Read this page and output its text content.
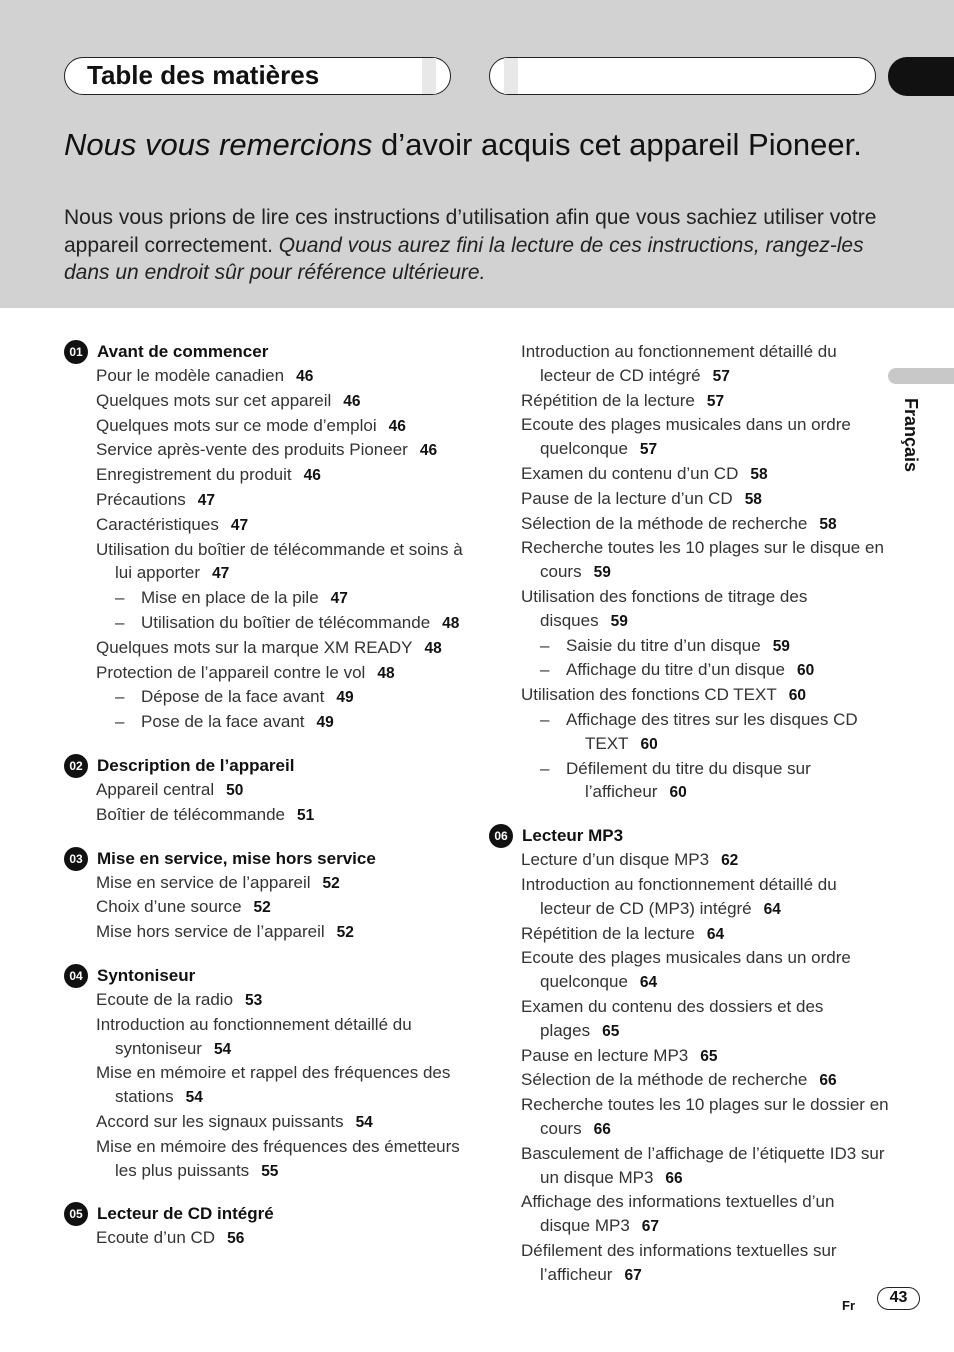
Table des matières
Nous vous remercions d’avoir acquis cet appareil Pioneer.
Nous vous prions de lire ces instructions d’utilisation afin que vous sachiez utiliser votre appareil correctement. Quand vous aurez fini la lecture de ces instructions, rangez-les dans un endroit sûr pour référence ultérieure.
01 Avant de commencer
Pour le modèle canadien 46
Quelques mots sur cet appareil 46
Quelques mots sur ce mode d’emploi 46
Service après-vente des produits Pioneer 46
Enregistrement du produit 46
Précautions 47
Caractéristiques 47
Utilisation du boîtier de télécommande et soins à lui apporter 47
– Mise en place de la pile 47
– Utilisation du boîtier de télécommande 48
Quelques mots sur la marque XM READY 48
Protection de l’appareil contre le vol 48
– Dépose de la face avant 49
– Pose de la face avant 49
02 Description de l’appareil
Appareil central 50
Boîtier de télécommande 51
03 Mise en service, mise hors service
Mise en service de l’appareil 52
Choix d’une source 52
Mise hors service de l’appareil 52
04 Syntoniseur
Ecoute de la radio 53
Introduction au fonctionnement détaillé du syntoniseur 54
Mise en mémoire et rappel des fréquences des stations 54
Accord sur les signaux puissants 54
Mise en mémoire des fréquences des émetteurs les plus puissants 55
05 Lecteur de CD intégré
Ecoute d’un CD 56
Introduction au fonctionnement détaillé du lecteur de CD intégré 57
Répétition de la lecture 57
Ecoute des plages musicales dans un ordre quelconque 57
Examen du contenu d’un CD 58
Pause de la lecture d’un CD 58
Sélection de la méthode de recherche 58
Recherche toutes les 10 plages sur le disque en cours 59
Utilisation des fonctions de titrage des disques 59
– Saisie du titre d’un disque 59
– Affichage du titre d’un disque 60
Utilisation des fonctions CD TEXT 60
– Affichage des titres sur les disques CD TEXT 60
– Défilement du titre du disque sur l’afficheur 60
06 Lecteur MP3
Lecture d’un disque MP3 62
Introduction au fonctionnement détaillé du lecteur de CD (MP3) intégré 64
Répétition de la lecture 64
Ecoute des plages musicales dans un ordre quelconque 64
Examen du contenu des dossiers et des plages 65
Pause en lecture MP3 65
Sélection de la méthode de recherche 66
Recherche toutes les 10 plages sur le dossier en cours 66
Basculement de l’affichage de l’étiquette ID3 sur un disque MP3 66
Affichage des informations textuelles d’un disque MP3 67
Défilement des informations textuelles sur l’afficheur 67
Français
Fr	43
